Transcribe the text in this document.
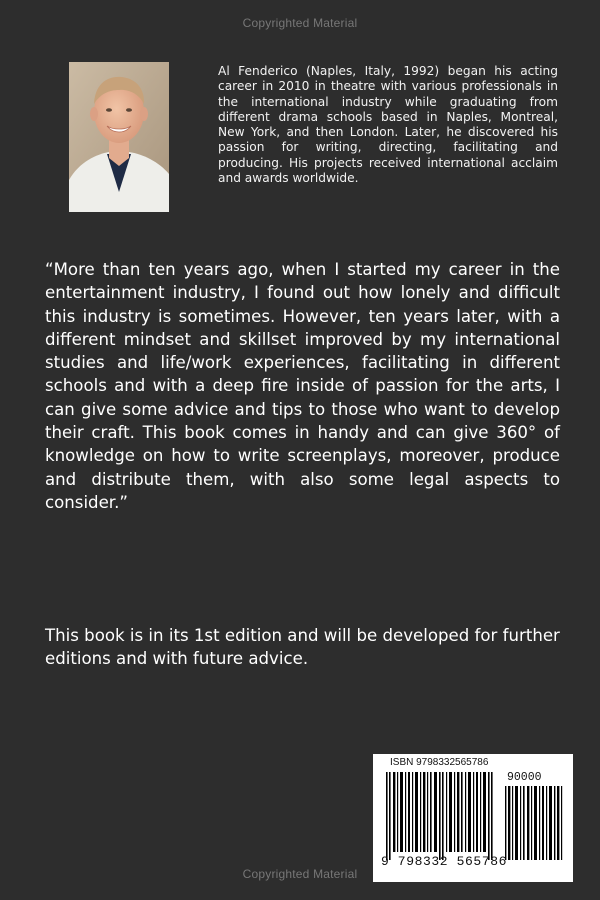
Copyrighted Material
Al Fenderico (Naples, Italy, 1992) began his acting career in 2010 in theatre with various professionals in the international industry while graduating from different drama schools based in Naples, Montreal, New York, and then London. Later, he discovered his passion for writing, directing, facilitating and producing. His projects received international acclaim and awards worldwide.
“More than ten years ago, when I started my career in the entertainment industry, I found out how lonely and difficult this industry is sometimes. However, ten years later, with a different mindset and skillset improved by my international studies and life/work experiences, facilitating in different schools and with a deep fire inside of passion for the arts, I can give some advice and tips to those who want to develop their craft. This book comes in handy and can give 360° of knowledge on how to write screenplays, moreover, produce and distribute them, with also some legal aspects to consider.”
This book is in its 1st edition and will be developed for further editions and with future advice.
ISBN 9798332565786
90000
9 798332 565786
Copyrighted Material
